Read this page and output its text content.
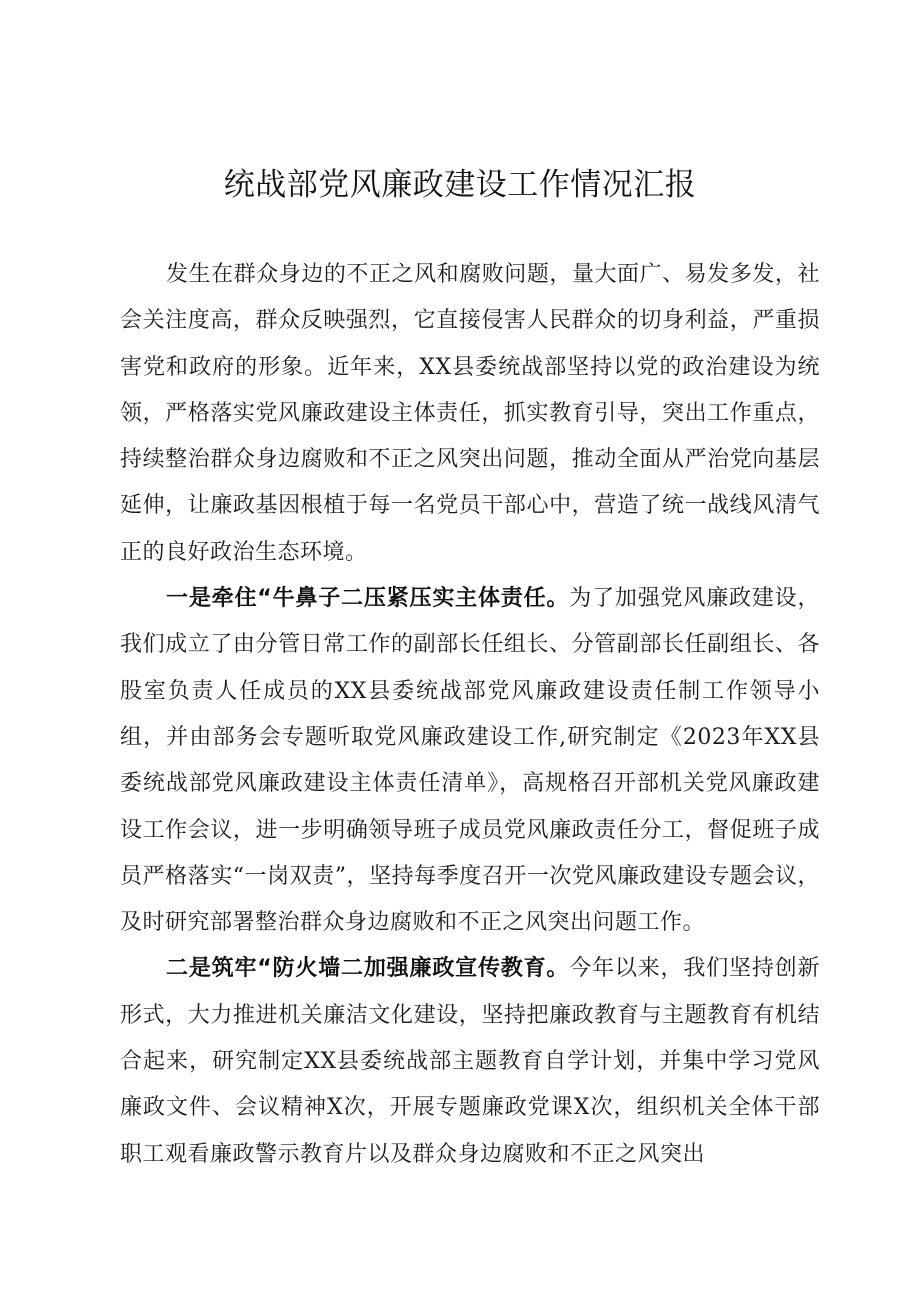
统战部党风廉政建设工作情况汇报

发生在群众身边的不正之风和腐败问题，量大面广、易发多发，社会关注度高，群众反映强烈，它直接侵害人民群众的切身利益，严重损害党和政府的形象。近年来，XX县委统战部坚持以党的政治建设为统领，严格落实党风廉政建设主体责任，抓实教育引导，突出工作重点，持续整治群众身边腐败和不正之风突出问题，推动全面从严治党向基层延伸，让廉政基因根植于每一名党员干部心中，营造了统一战线风清气正的良好政治生态环境。

一是牵住“牛鼻子二压紧压实主体责任。为了加强党风廉政建设，我们成立了由分管日常工作的副部长任组长、分管副部长任副组长、各股室负责人任成员的XX县委统战部党风廉政建设责任制工作领导小组，并由部务会专题听取党风廉政建设工作,研究制定《2023年XX县委统战部党风廉政建设主体责任清单》，高规格召开部机关党风廉政建设工作会议，进一步明确领导班子成员党风廉政责任分工，督促班子成员严格落实“一岗双责”，坚持每季度召开一次党风廉政建设专题会议，及时研究部署整治群众身边腐败和不正之风突出问题工作。

二是筑牢“防火墙二加强廉政宣传教育。今年以来，我们坚持创新形式，大力推进机关廉洁文化建设，坚持把廉政教育与主题教育有机结合起来，研究制定XX县委统战部主题教育自学计划，并集中学习党风廉政文件、会议精神X次，开展专题廉政党课X次，组织机关全体干部职工观看廉政警示教育片以及群众身边腐败和不正之风突出
